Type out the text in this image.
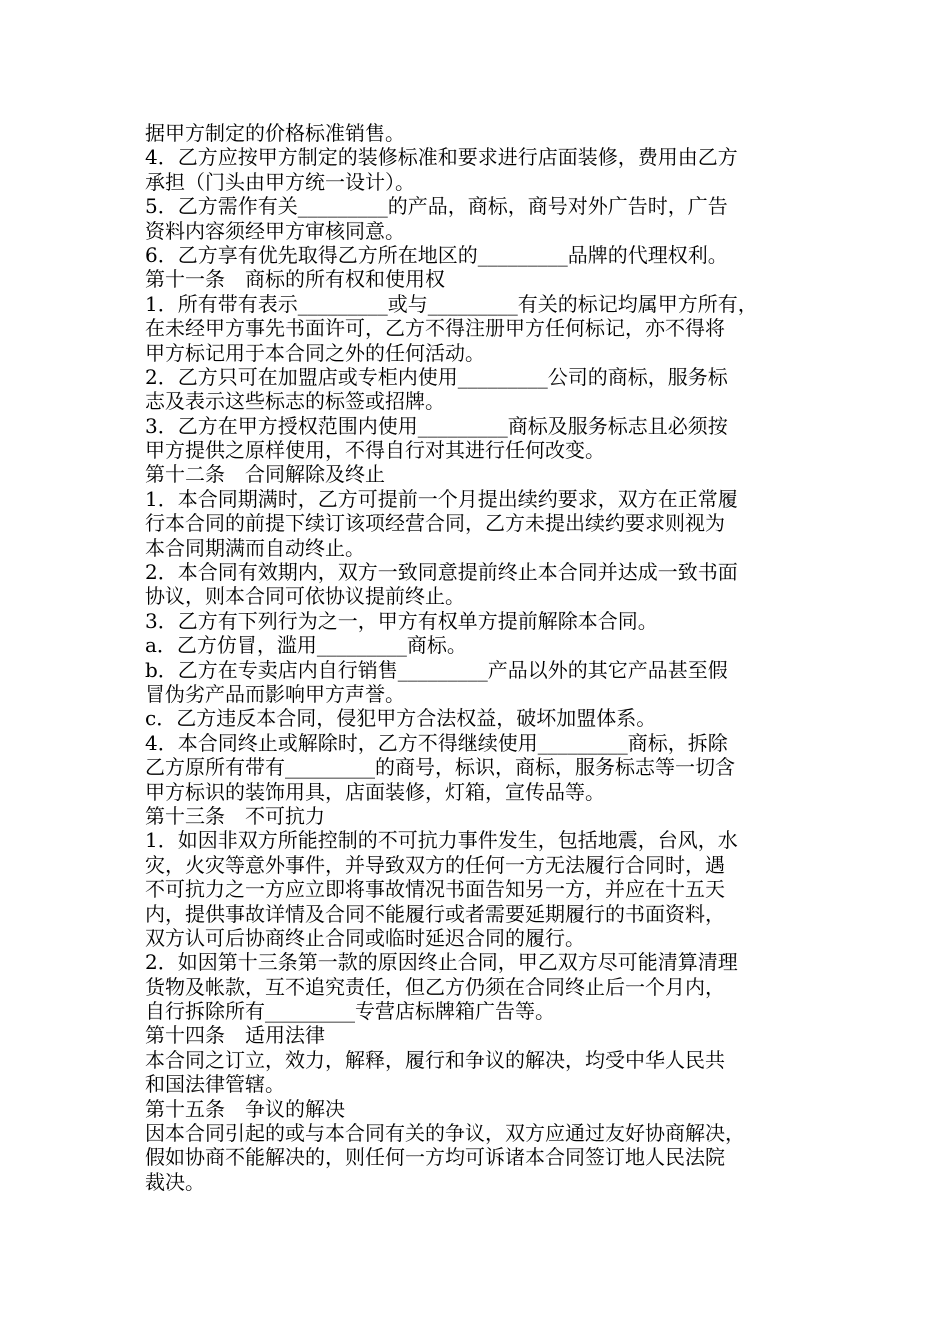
据甲方制定的价格标准销售。
4．乙方应按甲方制定的装修标准和要求进行店面装修，费用由乙方
承担（门头由甲方统一设计）。
5．乙方需作有关_________的产品，商标，商号对外广告时，广告
资料内容须经甲方审核同意。
6．乙方享有优先取得乙方所在地区的_________品牌的代理权利。
第十一条　商标的所有权和使用权
1．所有带有表示_________或与_________有关的标记均属甲方所有，
在未经甲方事先书面许可，乙方不得注册甲方任何标记，亦不得将
甲方标记用于本合同之外的任何活动。
2．乙方只可在加盟店或专柜内使用_________公司的商标，服务标
志及表示这些标志的标签或招牌。
3．乙方在甲方授权范围内使用_________商标及服务标志且必须按
甲方提供之原样使用，不得自行对其进行任何改变。
第十二条　合同解除及终止
1．本合同期满时，乙方可提前一个月提出续约要求，双方在正常履
行本合同的前提下续订该项经营合同，乙方未提出续约要求则视为
本合同期满而自动终止。
2．本合同有效期内，双方一致同意提前终止本合同并达成一致书面
协议，则本合同可依协议提前终止。
3．乙方有下列行为之一，甲方有权单方提前解除本合同。
a．乙方仿冒，滥用_________商标。
b．乙方在专卖店内自行销售_________产品以外的其它产品甚至假
冒伪劣产品而影响甲方声誉。
c．乙方违反本合同，侵犯甲方合法权益，破坏加盟体系。
4．本合同终止或解除时，乙方不得继续使用_________商标，拆除
乙方原所有带有_________的商号，标识，商标，服务标志等一切含
甲方标识的装饰用具，店面装修，灯箱，宣传品等。
第十三条　不可抗力
1．如因非双方所能控制的不可抗力事件发生，包括地震，台风，水
灾，火灾等意外事件，并导致双方的任何一方无法履行合同时，遇
不可抗力之一方应立即将事故情况书面告知另一方，并应在十五天
内，提供事故详情及合同不能履行或者需要延期履行的书面资料，
双方认可后协商终止合同或临时延迟合同的履行。
2．如因第十三条第一款的原因终止合同，甲乙双方尽可能清算清理
货物及帐款，互不追究责任，但乙方仍须在合同终止后一个月内，
自行拆除所有_________专营店标牌箱广告等。
第十四条　适用法律
本合同之订立，效力，解释，履行和争议的解决，均受中华人民共
和国法律管辖。
第十五条　争议的解决
因本合同引起的或与本合同有关的争议，双方应通过友好协商解决，
假如协商不能解决的，则任何一方均可诉诸本合同签订地人民法院
裁决。
